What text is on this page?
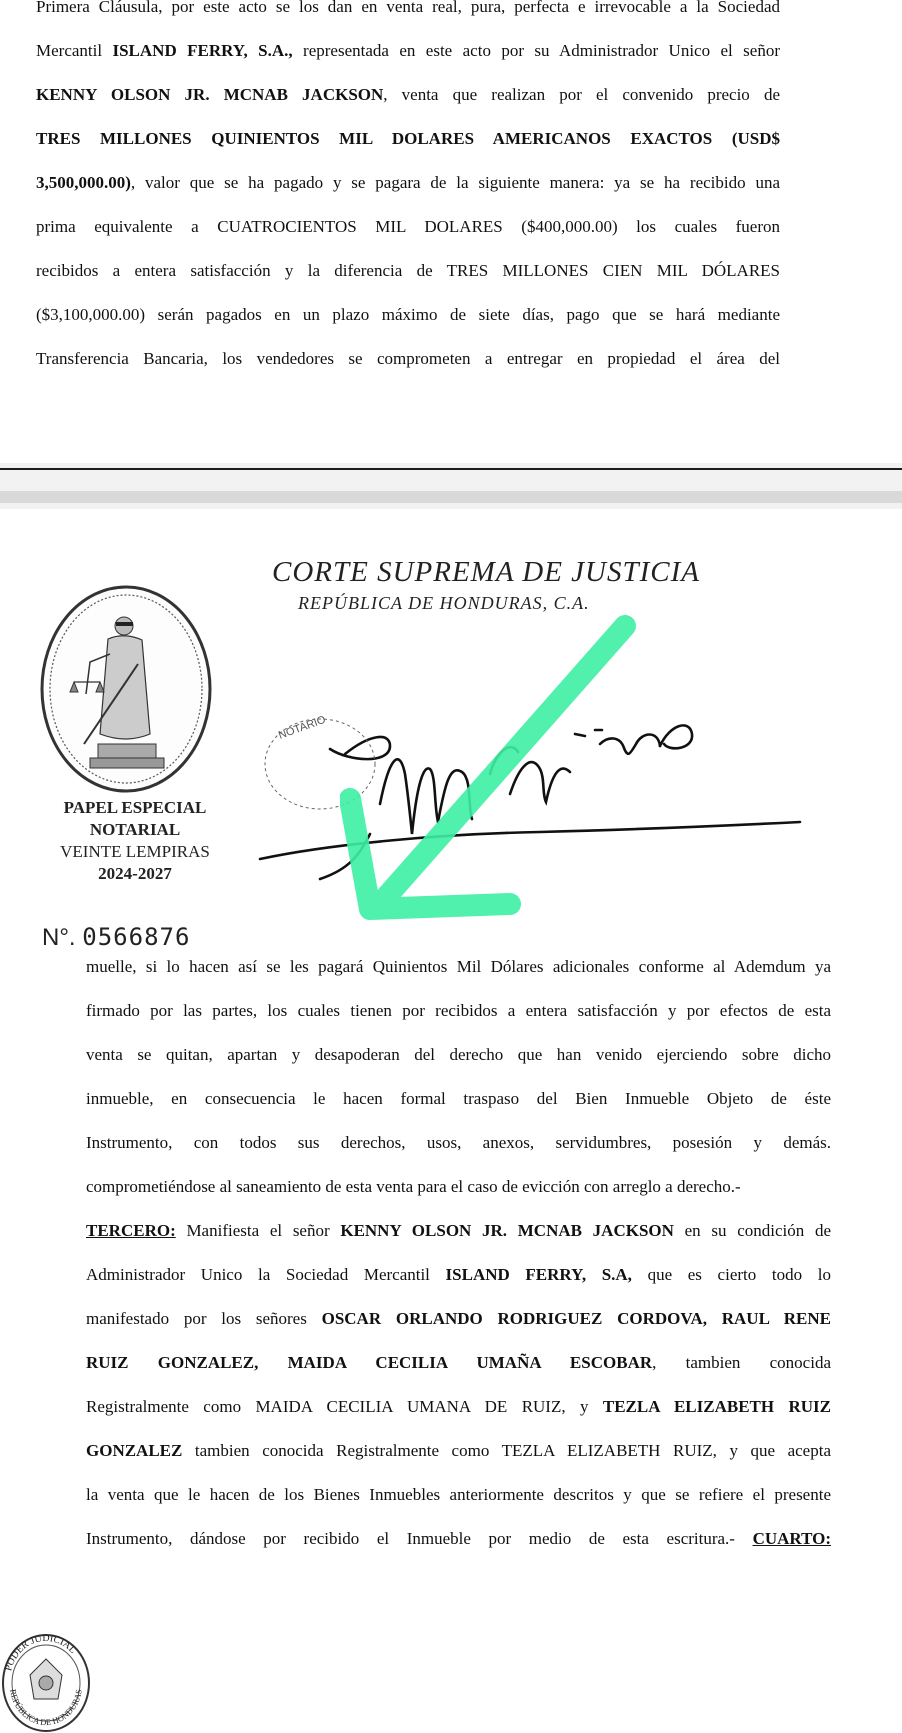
Primera Cláusula, por este acto se los dan en venta real, pura, perfecta e irrevocable a la Sociedad
Mercantil ISLAND FERRY, S.A., representada en este acto por su Administrador Unico el señor
KENNY OLSON JR. MCNAB JACKSON, venta que realizan por el convenido precio de
TRES MILLONES QUINIENTOS MIL DOLARES AMERICANOS EXACTOS (USD$
3,500,000.00), valor que se ha pagado y se pagara de la siguiente manera: ya se ha recibido una
prima equivalente a CUATROCIENTOS MIL DOLARES ($400,000.00) los cuales fueron
recibidos a entera satisfacción y la diferencia de TRES MILLONES CIEN MIL DÓLARES
($3,100,000.00) serán pagados en un plazo máximo de siete días, pago que se hará mediante
Transferencia Bancaria, los vendedores se comprometen a entregar en propiedad el área del
CORTE SUPREMA DE JUSTICIA
REPÚBLICA DE HONDURAS, C.A.
PAPEL ESPECIAL
NOTARIAL
VEINTE LEMPIRAS
2024-2027
N°. 0566876
NOTARIO
muelle, si lo hacen así se les pagará Quinientos Mil Dólares adicionales conforme al Ademdum ya
firmado por las partes, los cuales tienen por recibidos a entera satisfacción y por efectos de esta
venta se quitan, apartan y desapoderan del derecho que han venido ejerciendo sobre dicho
inmueble, en consecuencia le hacen formal traspaso del Bien Inmueble Objeto de éste
Instrumento, con todos sus derechos, usos, anexos, servidumbres, posesión y demás.
comprometiéndose al saneamiento de esta venta para el caso de evicción con arreglo a derecho.-
TERCERO: Manifiesta el señor KENNY OLSON JR. MCNAB JACKSON en su condición de
Administrador Unico la Sociedad Mercantil ISLAND FERRY, S.A, que es cierto todo lo
manifestado por los señores OSCAR ORLANDO RODRIGUEZ CORDOVA, RAUL RENE
RUIZ GONZALEZ, MAIDA CECILIA UMAÑA ESCOBAR, tambien conocida
Registralmente como MAIDA CECILIA UMANA DE RUIZ, y TEZLA ELIZABETH RUIZ
GONZALEZ tambien conocida Registralmente como TEZLA ELIZABETH RUIZ, y que acepta
la venta que le hacen de los Bienes Inmuebles anteriormente descritos y que se refiere el presente
Instrumento, dándose por recibido el Inmueble por medio de esta escritura.- CUARTO:
PODER JUDICIAL
REPÚBLICA DE HONDURAS
